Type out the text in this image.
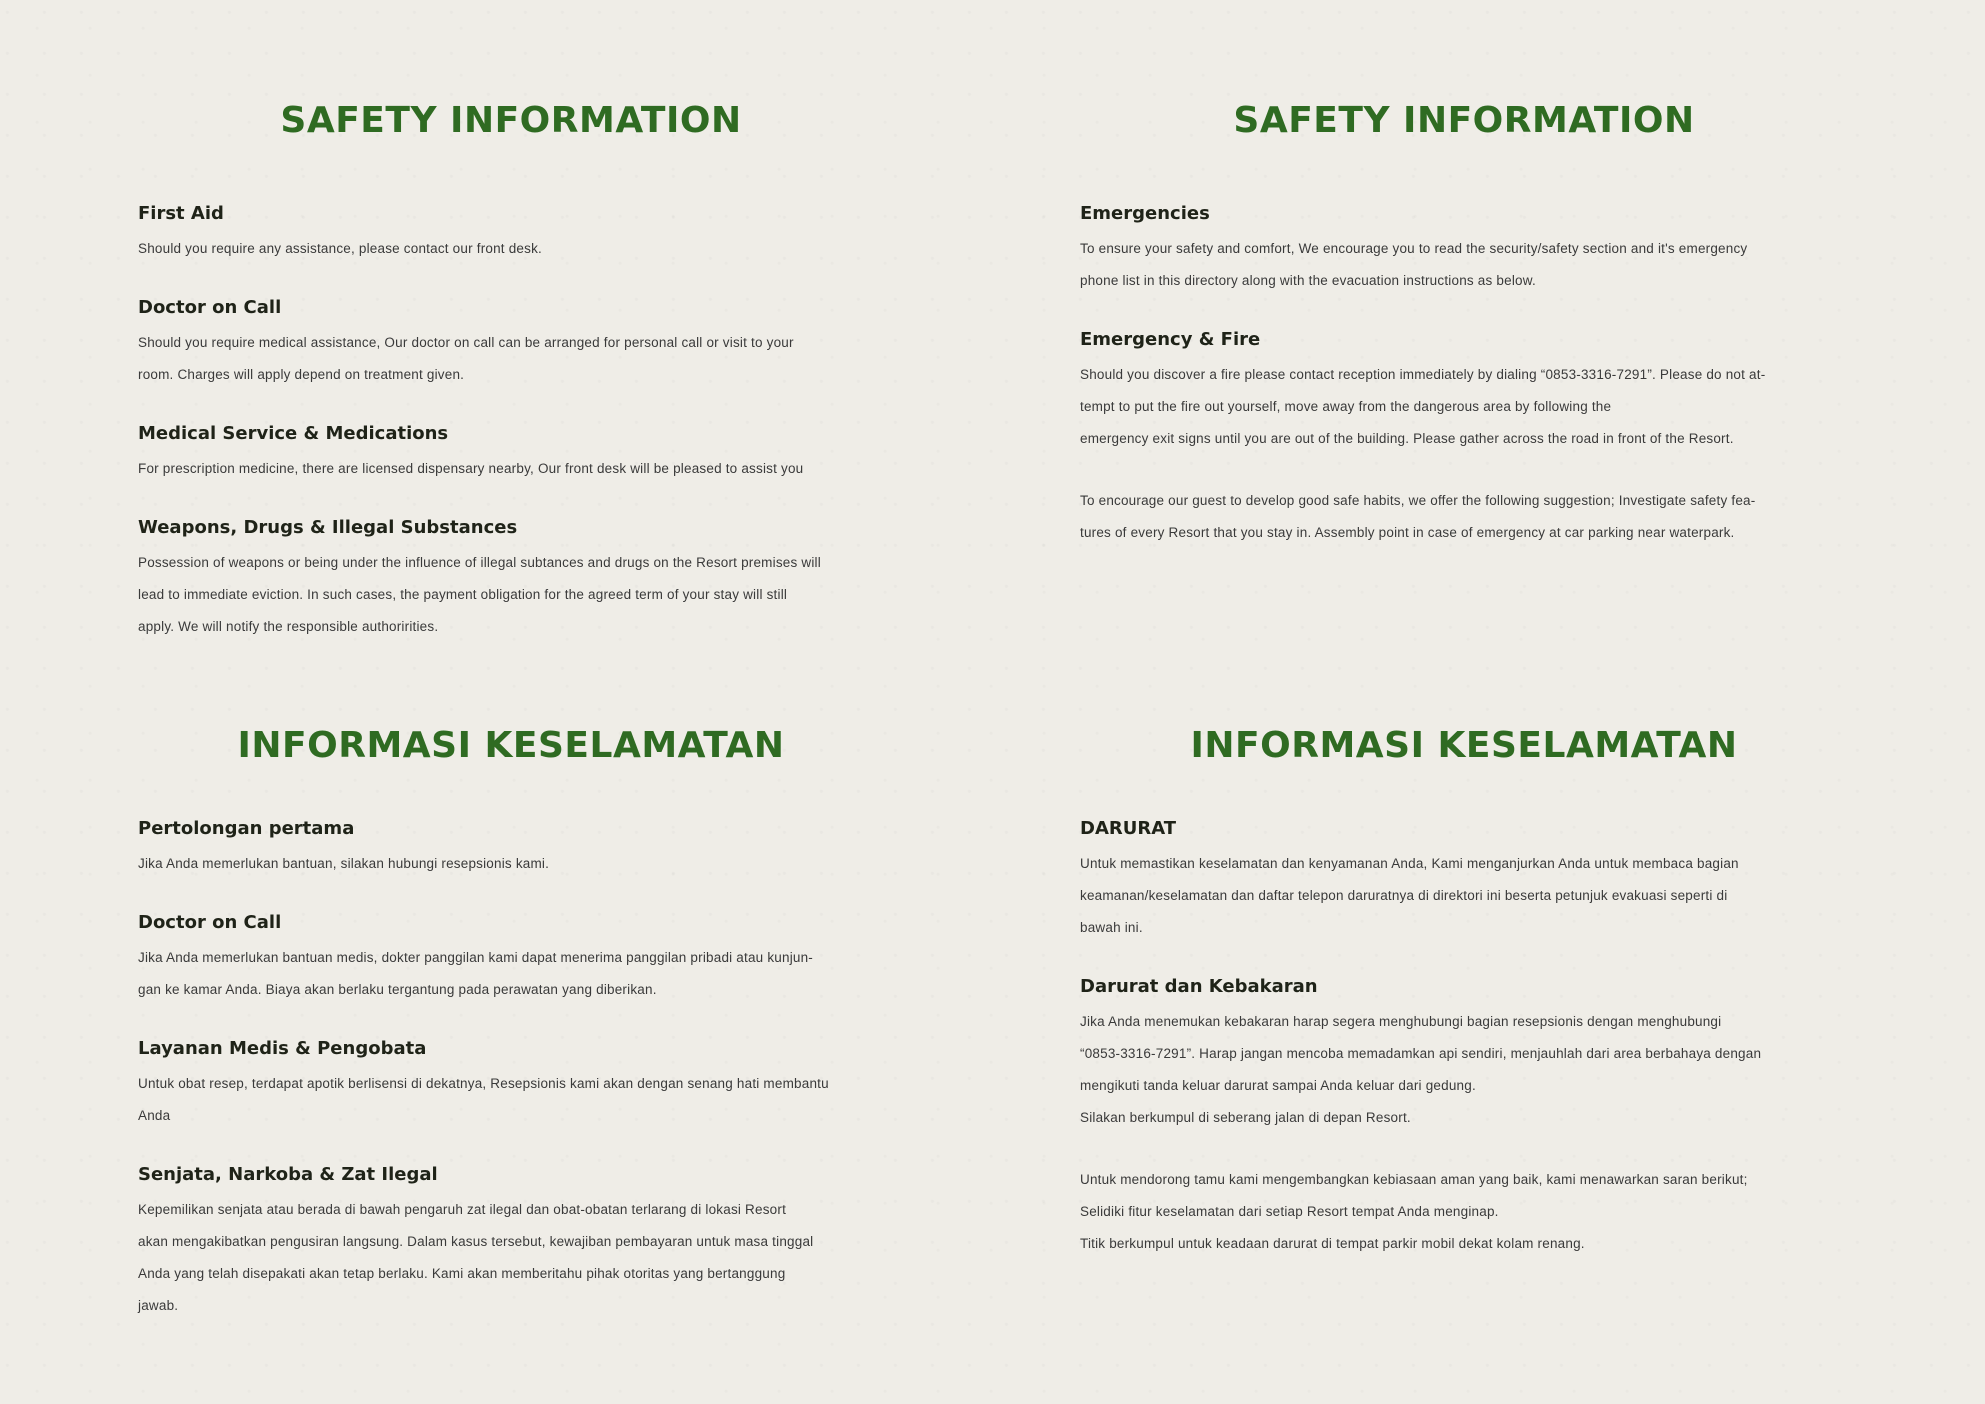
SAFETY INFORMATION
First Aid

Should you require any assistance, please contact our front desk.

Doctor on Call

Should you require medical assistance, Our doctor on call can be arranged for personal call or visit to your
room. Charges will apply depend on treatment given.

Medical Service & Medications

For prescription medicine, there are licensed dispensary nearby, Our front desk will be pleased to assist you

Weapons, Drugs & Illegal Substances

Possession of weapons or being under the influence of illegal subtances and drugs on the Resort premises will
lead to immediate eviction. In such cases, the payment obligation for the agreed term of your stay will still
apply. We will notify the responsible authoririties.

SAFETY INFORMATION
Emergencies

To ensure your safety and comfort, We encourage you to read the security/safety section and it's emergency
phone list in this directory along with the evacuation instructions as below.

Emergency & Fire

Should you discover a fire please contact reception immediately by dialing “0853-3316-7291”. Please do not at-
tempt to put the fire out yourself, move away from the dangerous area by following the
emergency exit signs until you are out of the building. Please gather across the road in front of the Resort.

To encourage our guest to develop good safe habits, we offer the following suggestion; Investigate safety fea-
tures of every Resort that you stay in. Assembly point in case of emergency at car parking near waterpark.

INFORMASI KESELAMATAN
Pertolongan pertama

Jika Anda memerlukan bantuan, silakan hubungi resepsionis kami.

Doctor on Call

Jika Anda memerlukan bantuan medis, dokter panggilan kami dapat menerima panggilan pribadi atau kunjun-
gan ke kamar Anda. Biaya akan berlaku tergantung pada perawatan yang diberikan.

Layanan Medis & Pengobata

Untuk obat resep, terdapat apotik berlisensi di dekatnya, Resepsionis kami akan dengan senang hati membantu
Anda

Senjata, Narkoba & Zat Ilegal

Kepemilikan senjata atau berada di bawah pengaruh zat ilegal dan obat-obatan terlarang di lokasi Resort
akan mengakibatkan pengusiran langsung. Dalam kasus tersebut, kewajiban pembayaran untuk masa tinggal
Anda yang telah disepakati akan tetap berlaku. Kami akan memberitahu pihak otoritas yang bertanggung
jawab.

INFORMASI KESELAMATAN
DARURAT

Untuk memastikan keselamatan dan kenyamanan Anda, Kami menganjurkan Anda untuk membaca bagian
keamanan/keselamatan dan daftar telepon daruratnya di direktori ini beserta petunjuk evakuasi seperti di
bawah ini.

Darurat dan Kebakaran

Jika Anda menemukan kebakaran harap segera menghubungi bagian resepsionis dengan menghubungi
“0853-3316-7291”. Harap jangan mencoba memadamkan api sendiri, menjauhlah dari area berbahaya dengan
mengikuti tanda keluar darurat sampai Anda keluar dari gedung.
Silakan berkumpul di seberang jalan di depan Resort.

Untuk mendorong tamu kami mengembangkan kebiasaan aman yang baik, kami menawarkan saran berikut;
Selidiki fitur keselamatan dari setiap Resort tempat Anda menginap.
Titik berkumpul untuk keadaan darurat di tempat parkir mobil dekat kolam renang.
